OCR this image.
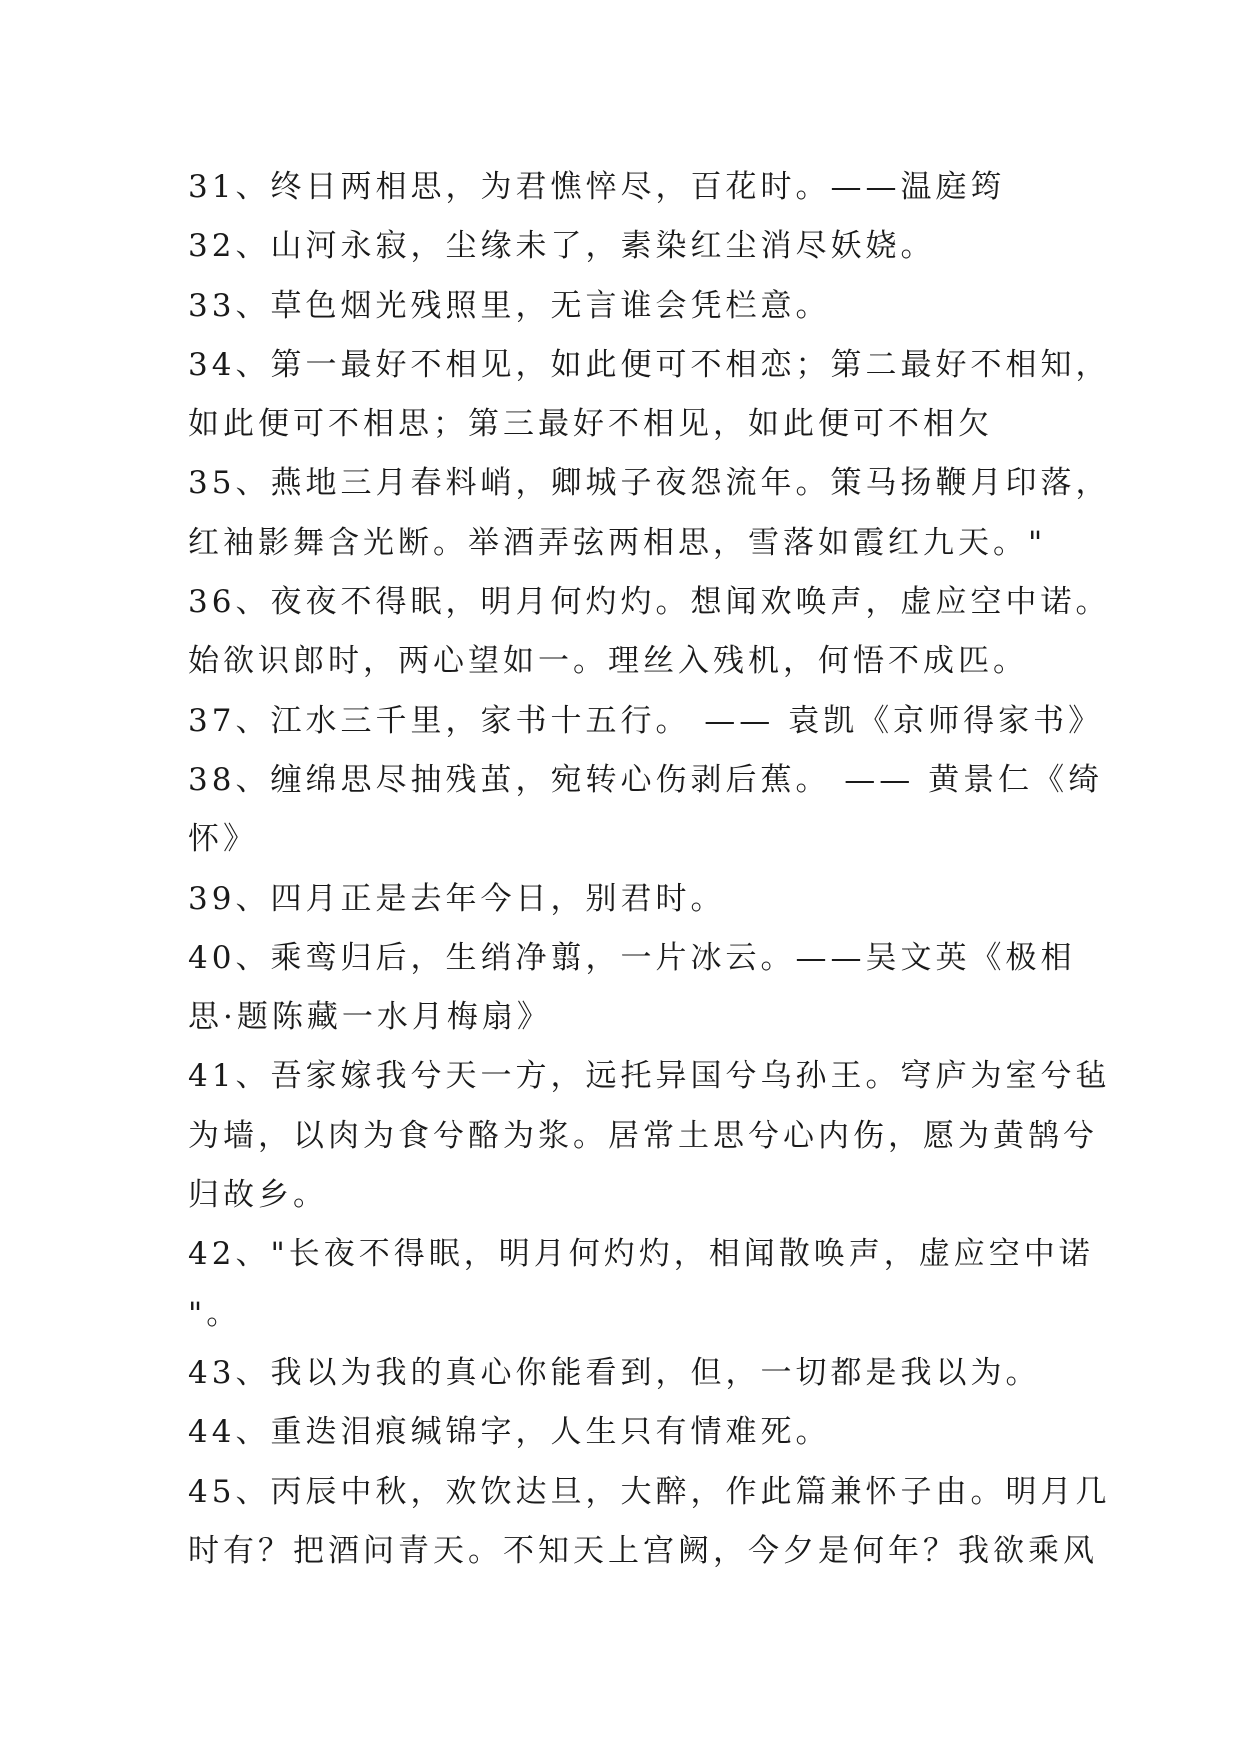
31、终日两相思，为君憔悴尽，百花时。——温庭筠
32、山河永寂，尘缘未了，素染红尘消尽妖娆。
33、草色烟光残照里，无言谁会凭栏意。
34、第一最好不相见，如此便可不相恋；第二最好不相知，
如此便可不相思；第三最好不相见，如此便可不相欠
35、燕地三月春料峭，卿城子夜怨流年。策马扬鞭月印落，
红袖影舞含光断。举酒弄弦两相思，雪落如霞红九天。"
36、夜夜不得眠，明月何灼灼。想闻欢唤声，虚应空中诺。
始欲识郎时，两心望如一。理丝入残机，何悟不成匹。
37、江水三千里，家书十五行。 —— 袁凯《京师得家书》
38、缠绵思尽抽残茧，宛转心伤剥后蕉。 —— 黄景仁《绮
怀》
39、四月正是去年今日，别君时。
40、乘鸾归后，生绡净翦，一片冰云。——吴文英《极相
思·题陈藏一水月梅扇》
41、吾家嫁我兮天一方，远托异国兮乌孙王。穹庐为室兮毡
为墙，以肉为食兮酪为浆。居常土思兮心内伤，愿为黄鹄兮
归故乡。
42、"长夜不得眠，明月何灼灼，相闻散唤声，虚应空中诺
"。
43、我以为我的真心你能看到，但，一切都是我以为。
44、重迭泪痕缄锦字，人生只有情难死。
45、丙辰中秋，欢饮达旦，大醉，作此篇兼怀子由。明月几
时有？把酒问青天。不知天上宫阙，今夕是何年？我欲乘风
